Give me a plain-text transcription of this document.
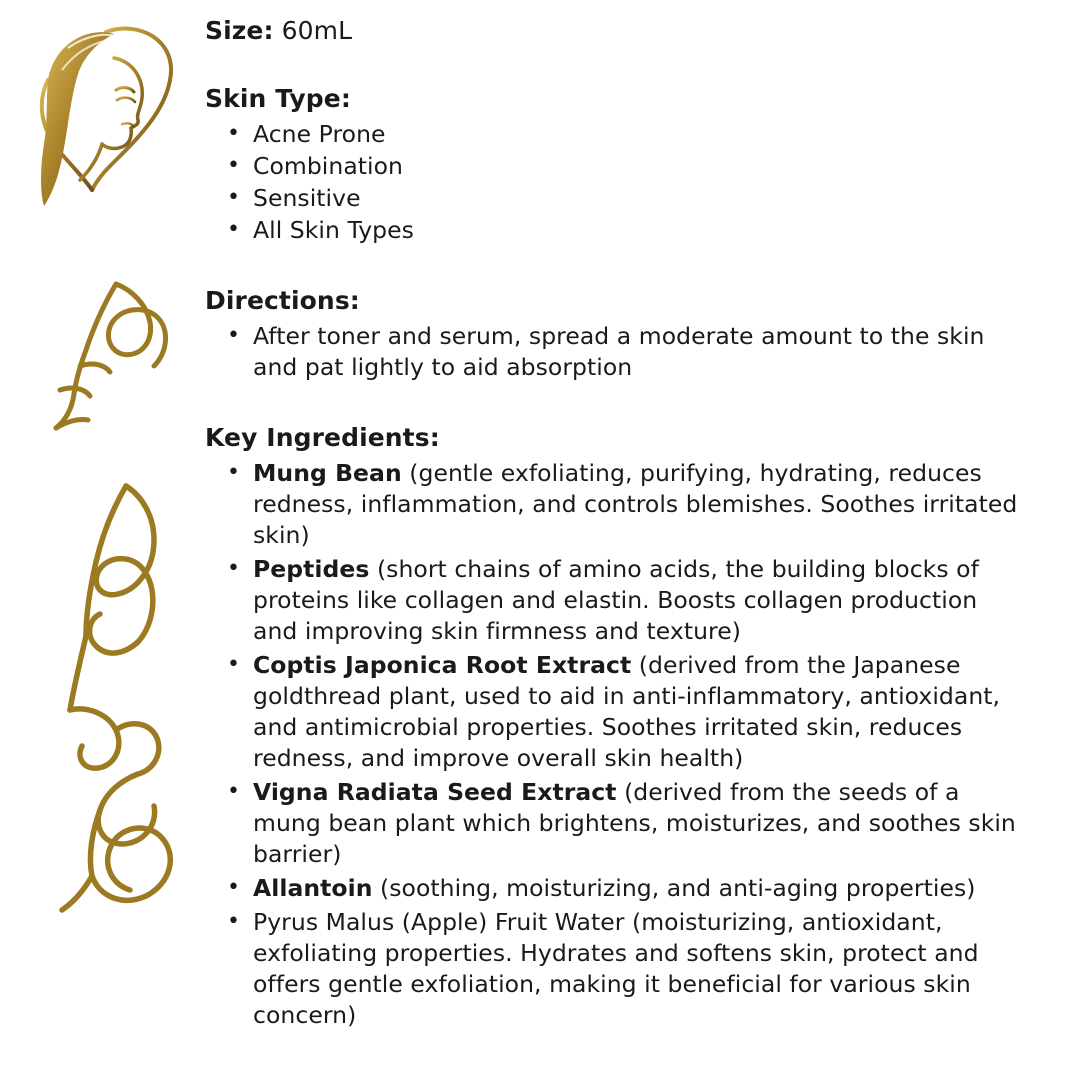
Size: 60mL

Skin Type:
• Acne Prone
• Combination
• Sensitive
• All Skin Types
Directions:
• After toner and serum, spread a moderate amount to the skin and pat lightly to aid absorption
Key Ingredients:
• Mung Bean (gentle exfoliating, purifying, hydrating, reduces redness, inflammation, and controls blemishes. Soothes irritated skin)
• Peptides (short chains of amino acids, the building blocks of proteins like collagen and elastin. Boosts collagen production and improving skin firmness and texture)
• Coptis Japonica Root Extract (derived from the Japanese goldthread plant, used to aid in anti-inflammatory, antioxidant, and antimicrobial properties. Soothes irritated skin, reduces redness, and improve overall skin health)
• Vigna Radiata Seed Extract (derived from the seeds of a mung bean plant which brightens, moisturizes, and soothes skin barrier)
• Allantoin (soothing, moisturizing, and anti-aging properties)
• Pyrus Malus (Apple) Fruit Water (moisturizing, antioxidant, exfoliating properties. Hydrates and softens skin, protect and offers gentle exfoliation, making it beneficial for various skin concern)
